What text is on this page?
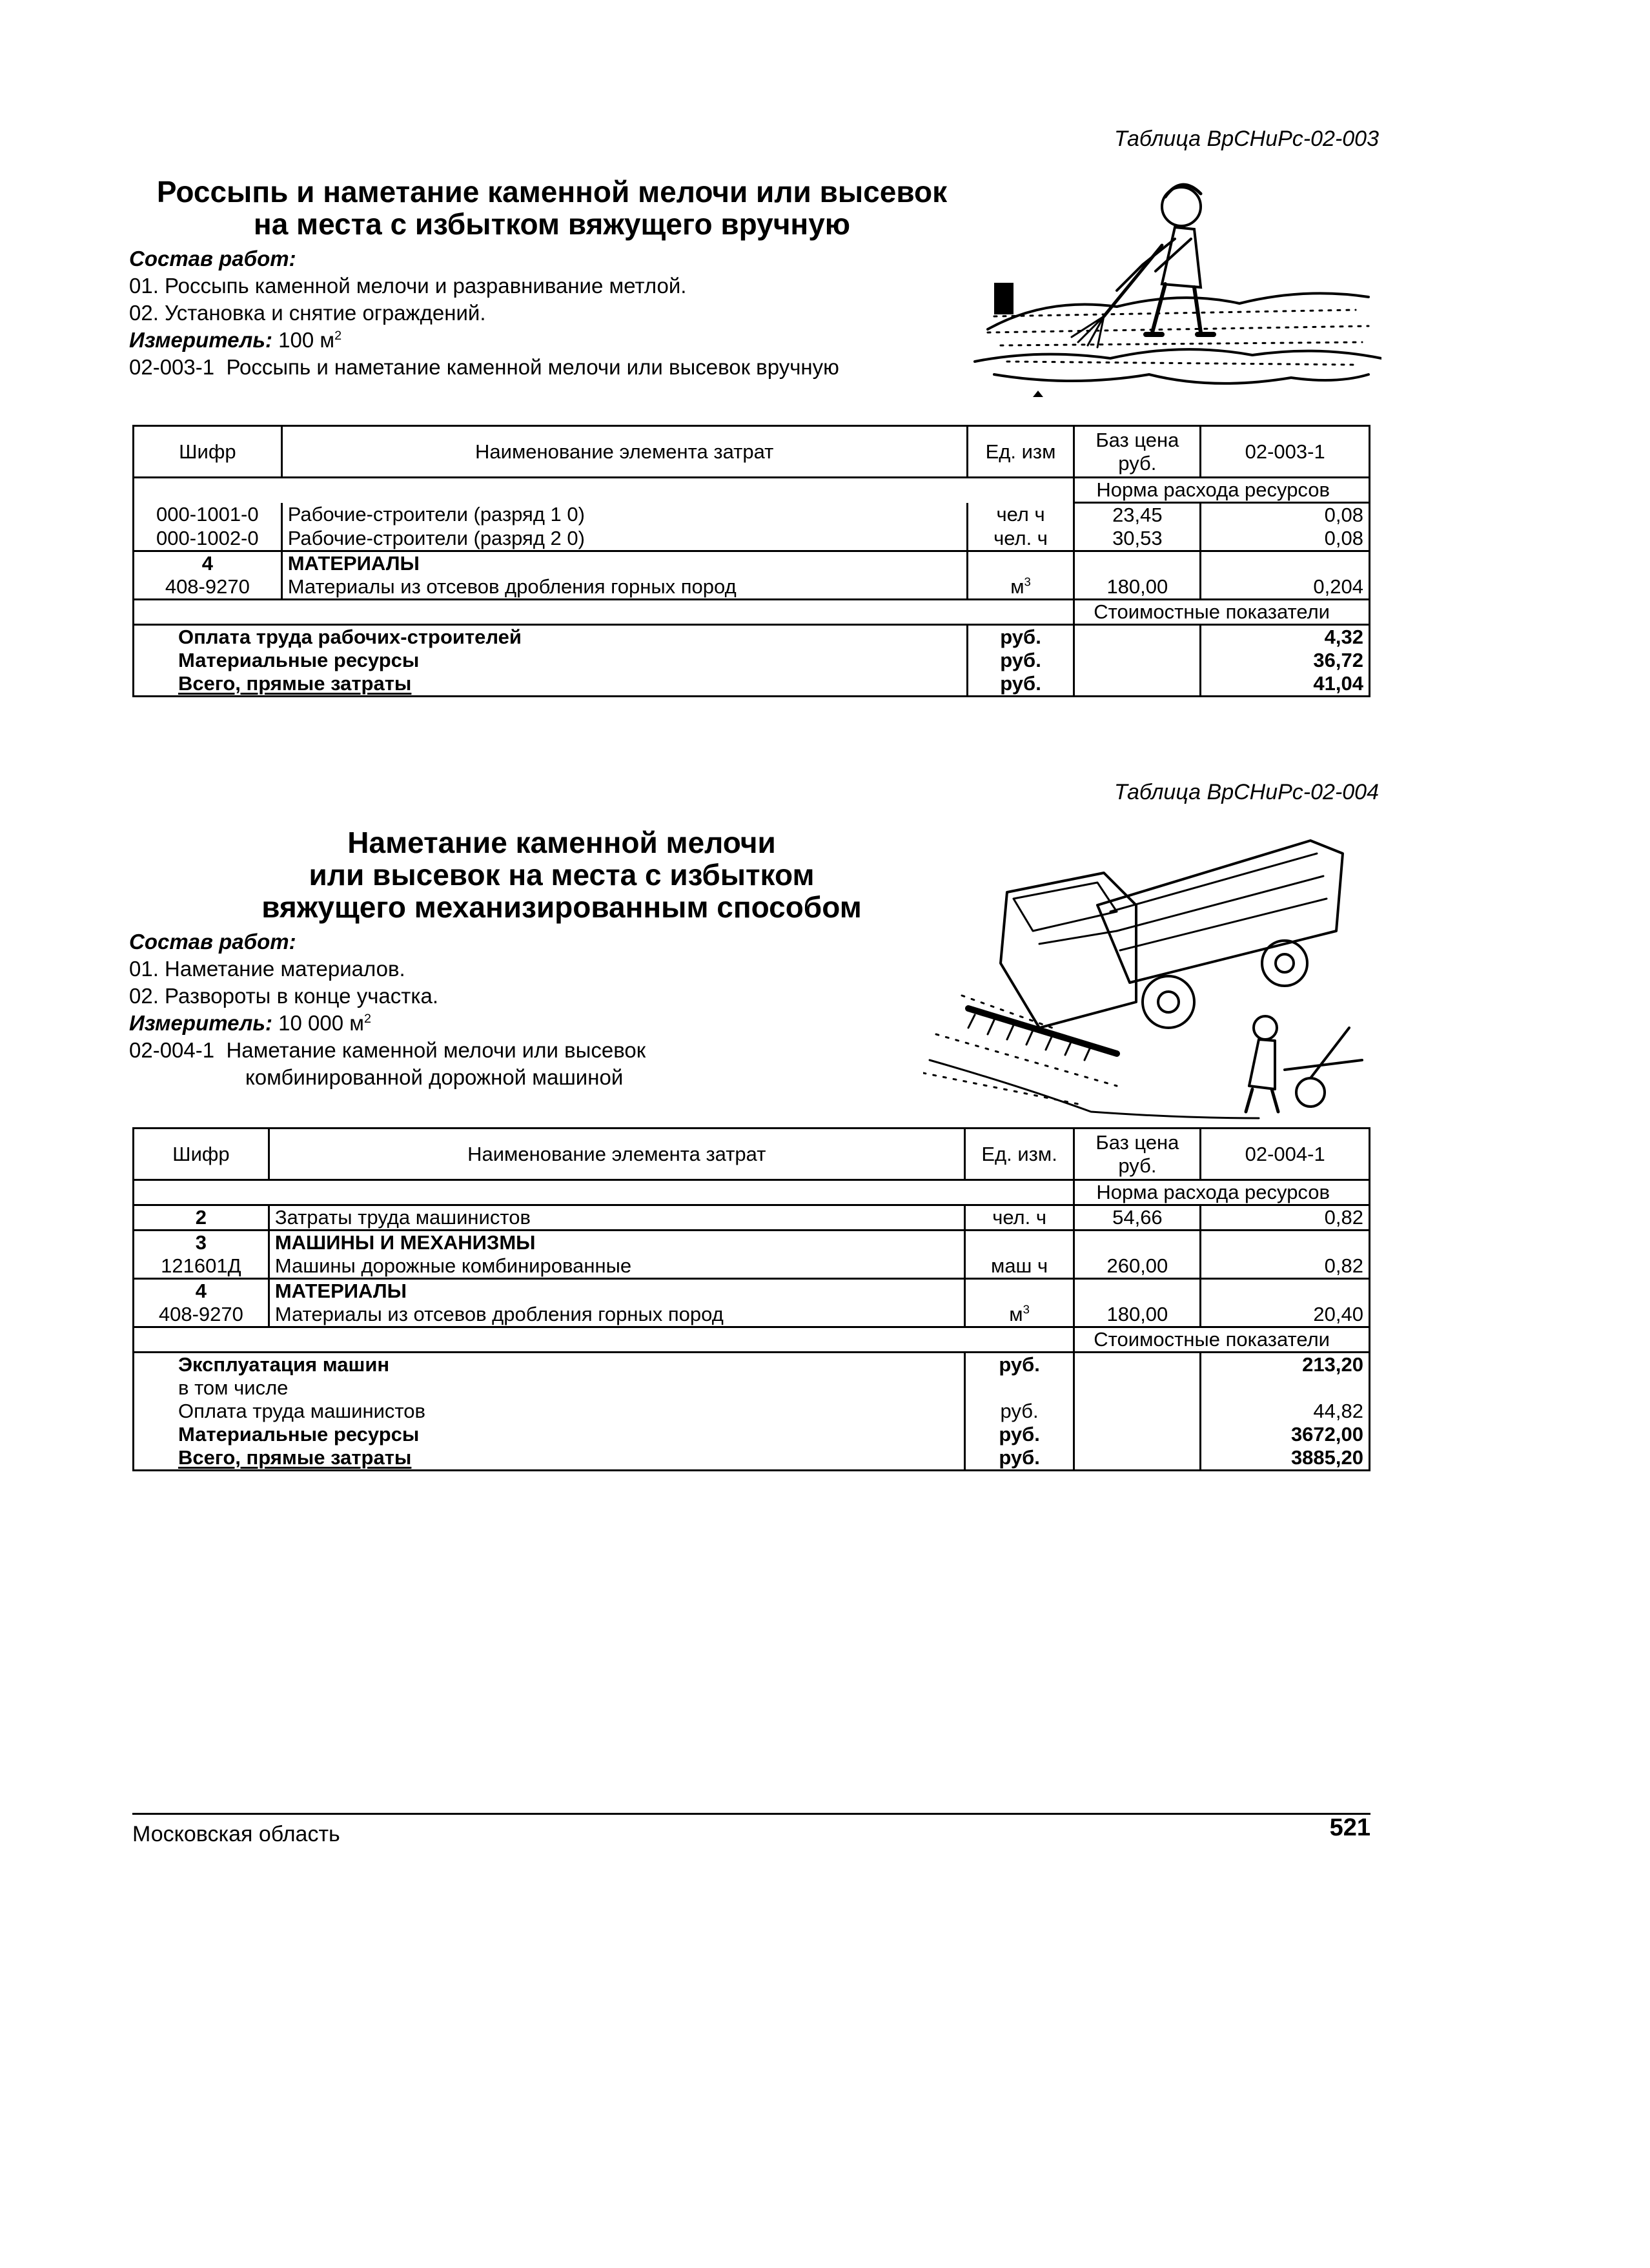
Таблица ВрСНиРс-02-003
Россыпь и наметание каменной мелочи или высевок
на места с избытком вяжущего вручную
Состав работ:
01. Россыпь каменной мелочи и разравнивание метлой.
02. Установка и снятие ограждений.
Измеритель: 100 $м^2$
02-003-1 Россыпь и наметание каменной мелочи или высевок вручную
Шифр	Наименование элемента затрат	Ед. изм	Баз цена
руб.	02-003-1
			Норма расхода ресурсов	
000-1001-0	Рабочие-строители (разряд 1 0)	чел ч	23,45	0,08
000-1002-0	Рабочие-строители (разряд 2 0)	чел. ч	30,53	0,08
4	МАТЕРИАЛЫ			
408-9270	Материалы из отсевов дробления горных пород	$м^3$	180,00	0,204
			Стоимостные показатели	
Оплата труда рабочих-строителей		руб.		4,32
Материальные ресурсы		руб.		36,72
Всего, прямые затраты		руб.		41,04
Таблица ВрСНиРс-02-004
Наметание каменной мелочи
или высевок на места с избытком
вяжущего механизированным способом
Состав работ:
01. Наметание материалов.
02. Развороты в конце участка.
Измеритель: 10 000 $м^2$
02-004-1 Наметание каменной мелочи или высевок
комбинированной дорожной машиной
Шифр	Наименование элемента затрат	Ед. изм.	Баз цена
руб.	02-004-1
			Норма расхода ресурсов	
2	Затраты труда машинистов	чел. ч	54,66	0,82
3	МАШИНЫ И МЕХАНИЗМЫ			
121601Д	Машины дорожные комбинированные	маш ч	260,00	0,82
4	МАТЕРИАЛЫ			
408-9270	Материалы из отсевов дробления горных пород	$м^3$	180,00	20,40
			Стоимостные показатели	
Эксплуатация машин		руб.		213,20
в том числе				
Оплата труда машинистов		руб.		44,82
Материальные ресурсы		руб.		3672,00
Всего, прямые затраты		руб.		3885,20
Московская область	521
